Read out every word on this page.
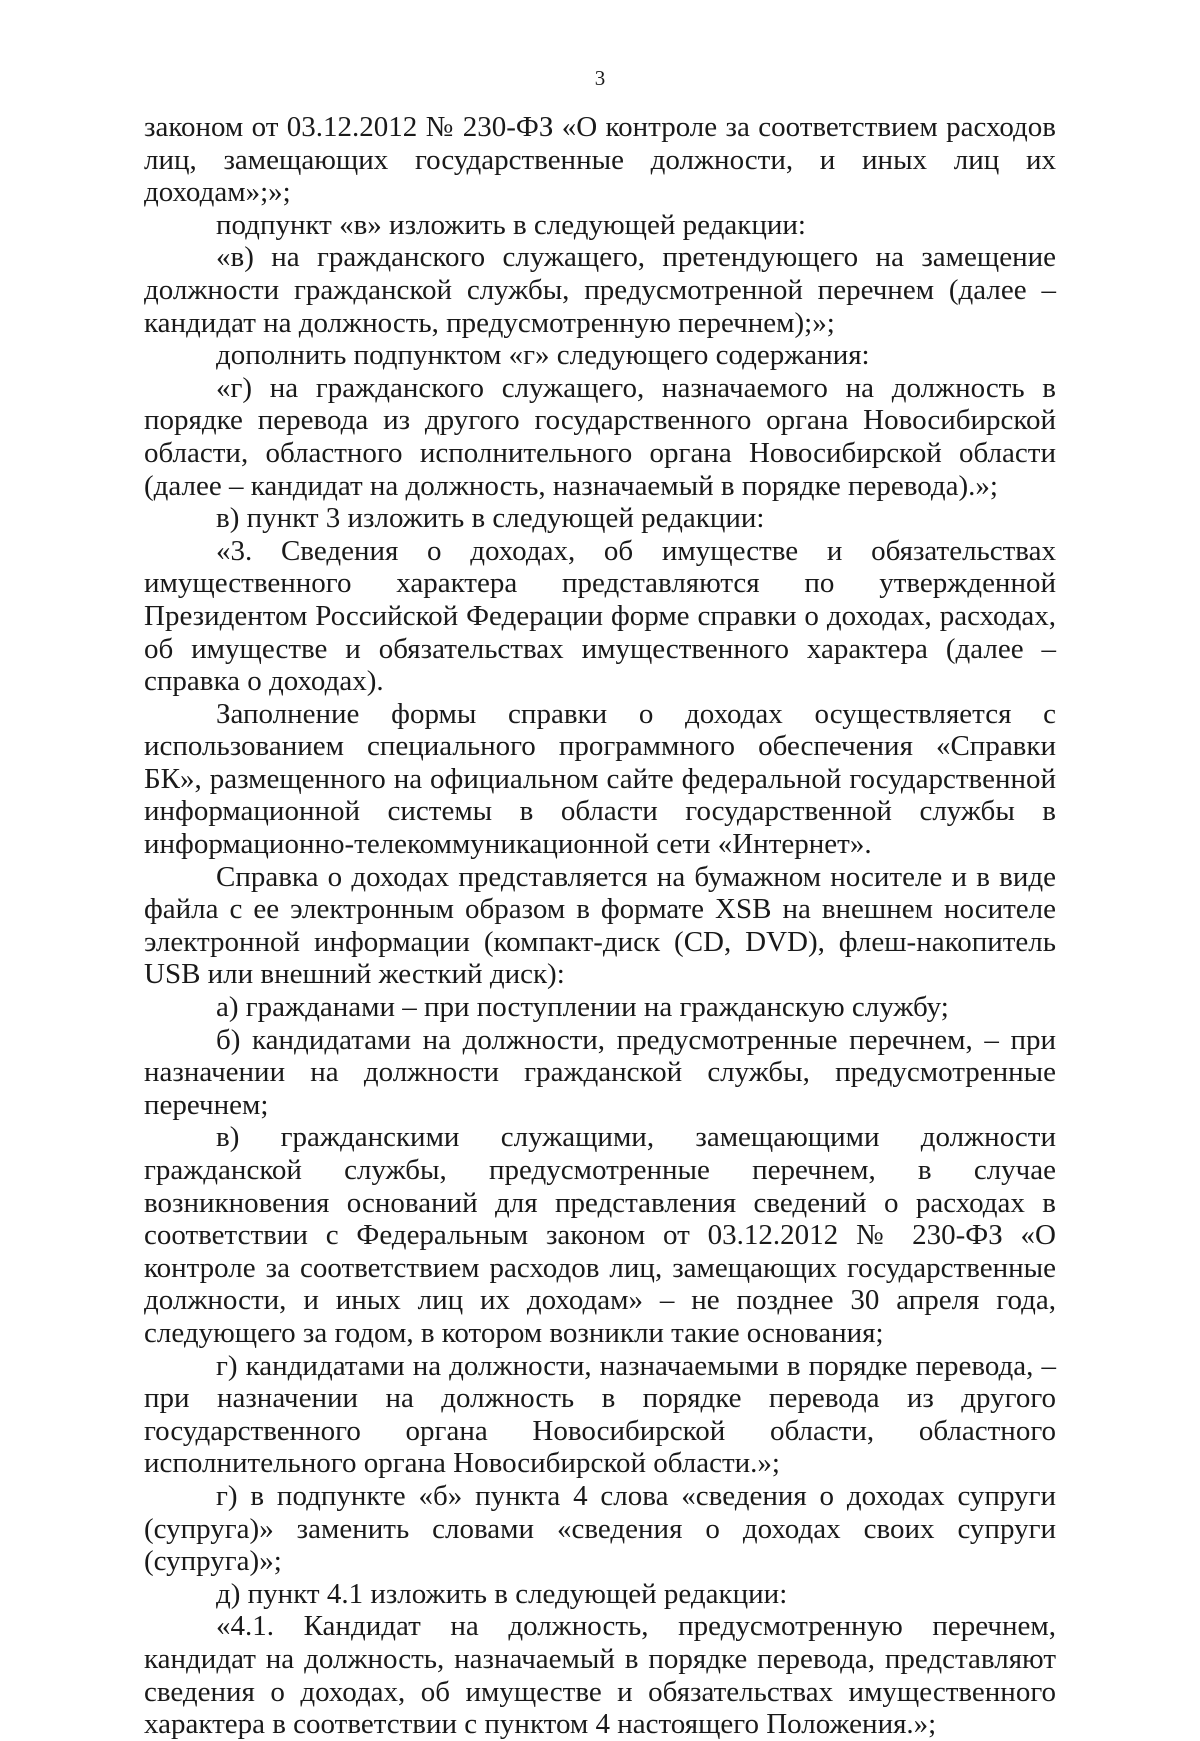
3

законом от 03.12.2012 № 230-ФЗ «О контроле за соответствием расходов лиц, замещающих государственные должности, и иных лиц их доходам»;»;

подпункт «в» изложить в следующей редакции:

«в) на гражданского служащего, претендующего на замещение должности гражданской службы, предусмотренной перечнем (далее – кандидат на должность, предусмотренную перечнем);»;

дополнить подпунктом «г» следующего содержания:

«г) на гражданского служащего, назначаемого на должность в порядке перевода из другого государственного органа Новосибирской области, областного исполнительного органа Новосибирской области (далее – кандидат на должность, назначаемый в порядке перевода).»;

в) пункт 3 изложить в следующей редакции:

«3. Сведения о доходах, об имуществе и обязательствах имущественного характера представляются по утвержденной Президентом Российской Федерации форме справки о доходах, расходах, об имуществе и обязательствах имущественного характера (далее – справка о доходах).

Заполнение формы справки о доходах осуществляется с использованием специального программного обеспечения «Справки БК», размещенного на официальном сайте федеральной государственной информационной системы в области государственной службы в информационно-телекоммуникационной сети «Интернет».

Справка о доходах представляется на бумажном носителе и в виде файла с ее электронным образом в формате XSB на внешнем носителе электронной информации (компакт-диск (CD, DVD), флеш-накопитель USB или внешний жесткий диск):

а) гражданами – при поступлении на гражданскую службу;

б) кандидатами на должности, предусмотренные перечнем, – при назначении на должности гражданской службы, предусмотренные перечнем;

в) гражданскими служащими, замещающими должности гражданской службы, предусмотренные перечнем, в случае возникновения оснований для представления сведений о расходах в соответствии с Федеральным законом от 03.12.2012 № 230-ФЗ «О контроле за соответствием расходов лиц, замещающих государственные должности, и иных лиц их доходам» – не позднее 30 апреля года, следующего за годом, в котором возникли такие основания;

г) кандидатами на должности, назначаемыми в порядке перевода, – при назначении на должность в порядке перевода из другого государственного органа Новосибирской области, областного исполнительного органа Новосибирской области.»;

г) в подпункте «б» пункта 4 слова «сведения о доходах супруги (супруга)» заменить словами «сведения о доходах своих супруги (супруга)»;

д) пункт 4.1 изложить в следующей редакции:

«4.1. Кандидат на должность, предусмотренную перечнем, кандидат на должность, назначаемый в порядке перевода, представляют сведения о доходах, об имуществе и обязательствах имущественного характера в соответствии с пунктом 4 настоящего Положения.»;
